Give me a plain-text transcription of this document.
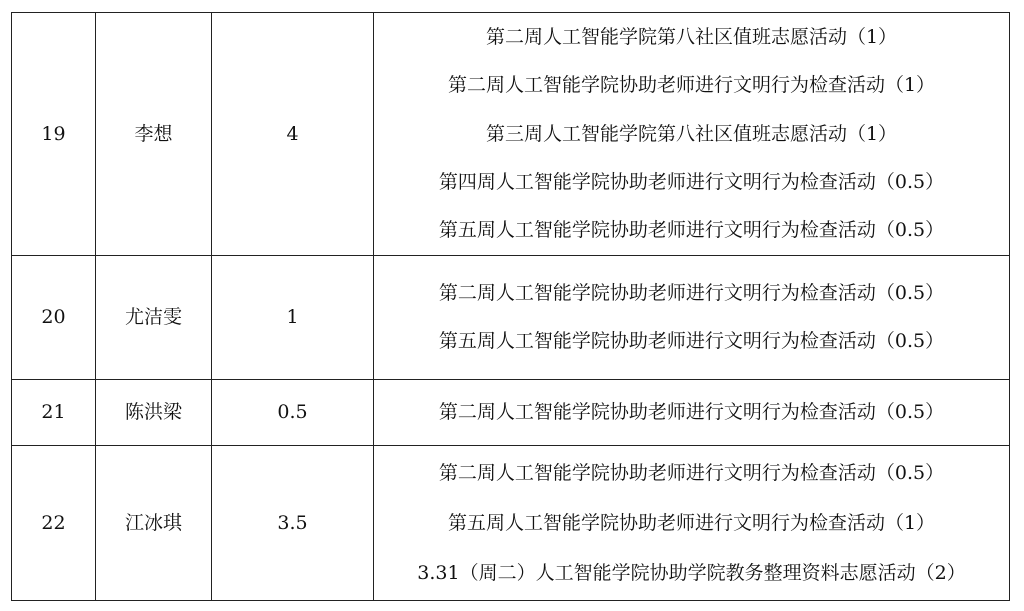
19	李想	4	第二周人工智能学院第八社区值班志愿活动（1）
第二周人工智能学院协助老师进行文明行为检查活动（1）
第三周人工智能学院第八社区值班志愿活动（1）
第四周人工智能学院协助老师进行文明行为检查活动（0.5）
第五周人工智能学院协助老师进行文明行为检查活动（0.5）

20	尤洁雯	1	第二周人工智能学院协助老师进行文明行为检查活动（0.5）
第五周人工智能学院协助老师进行文明行为检查活动（0.5）

21	陈洪梁	0.5	第二周人工智能学院协助老师进行文明行为检查活动（0.5）

22	江冰琪	3.5	第二周人工智能学院协助老师进行文明行为检查活动（0.5）
第五周人工智能学院协助老师进行文明行为检查活动（1）
3.31（周二）人工智能学院协助学院教务整理资料志愿活动（2）
